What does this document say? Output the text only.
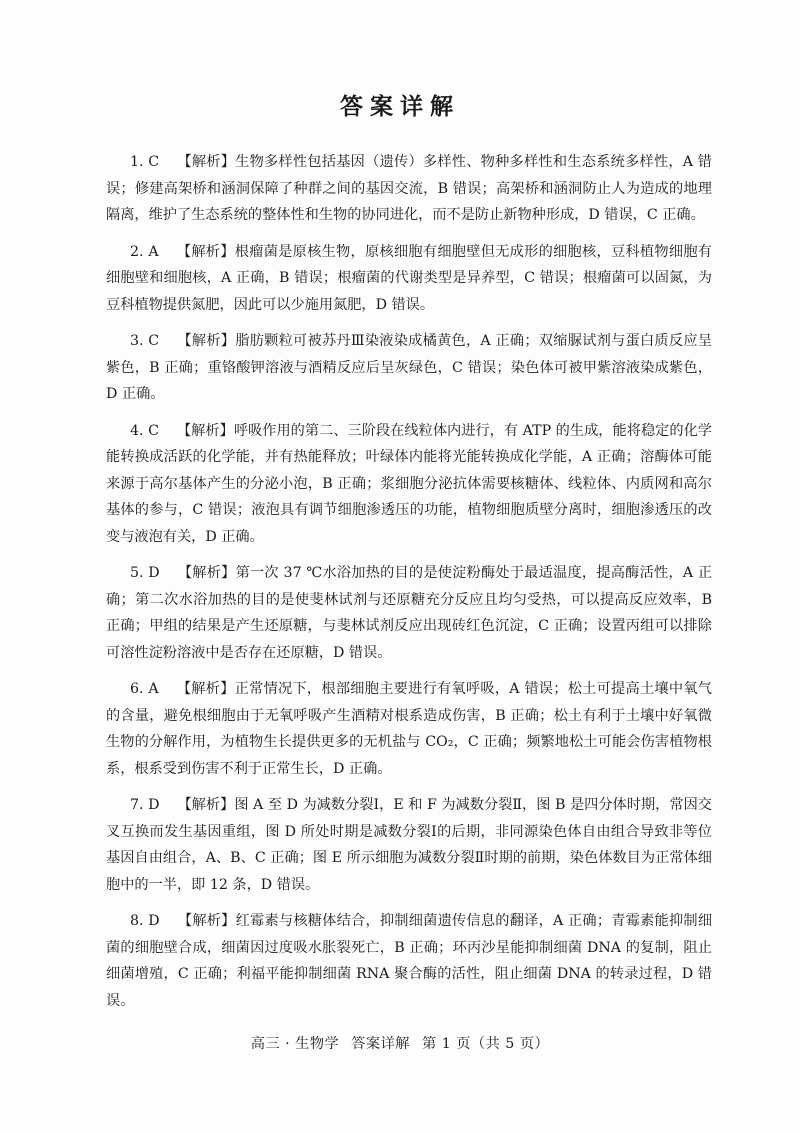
答案详解

1. C 【解析】生物多样性包括基因（遗传）多样性、物种多样性和生态系统多样性，A 错误；修建高架桥和涵洞保障了种群之间的基因交流，B 错误；高架桥和涵洞防止人为造成的地理隔离，维护了生态系统的整体性和生物的协同进化，而不是防止新物种形成，D 错误，C 正确。

2. A 【解析】根瘤菌是原核生物，原核细胞有细胞壁但无成形的细胞核，豆科植物细胞有细胞壁和细胞核，A 正确，B 错误；根瘤菌的代谢类型是异养型，C 错误；根瘤菌可以固氮，为豆科植物提供氮肥，因此可以少施用氮肥，D 错误。

3. C 【解析】脂肪颗粒可被苏丹Ⅲ染液染成橘黄色，A 正确；双缩脲试剂与蛋白质反应呈紫色，B 正确；重铬酸钾溶液与酒精反应后呈灰绿色，C 错误；染色体可被甲紫溶液染成紫色，D 正确。

4. C 【解析】呼吸作用的第二、三阶段在线粒体内进行，有 ATP 的生成，能将稳定的化学能转换成活跃的化学能，并有热能释放；叶绿体内能将光能转换成化学能，A 正确；溶酶体可能来源于高尔基体产生的分泌小泡，B 正确；浆细胞分泌抗体需要核糖体、线粒体、内质网和高尔基体的参与，C 错误；液泡具有调节细胞渗透压的功能，植物细胞质壁分离时，细胞渗透压的改变与液泡有关，D 正确。

5. D 【解析】第一次 37 ℃水浴加热的目的是使淀粉酶处于最适温度，提高酶活性，A 正确；第二次水浴加热的目的是使斐林试剂与还原糖充分反应且均匀受热，可以提高反应效率，B 正确；甲组的结果是产生还原糖，与斐林试剂反应出现砖红色沉淀，C 正确；设置丙组可以排除可溶性淀粉溶液中是否存在还原糖，D 错误。

6. A 【解析】正常情况下，根部细胞主要进行有氧呼吸，A 错误；松土可提高土壤中氧气的含量，避免根细胞由于无氧呼吸产生酒精对根系造成伤害，B 正确；松土有利于土壤中好氧微生物的分解作用，为植物生长提供更多的无机盐与 CO₂，C 正确；频繁地松土可能会伤害植物根系，根系受到伤害不利于正常生长，D 正确。

7. D 【解析】图 A 至 D 为减数分裂Ⅰ，E 和 F 为减数分裂Ⅱ，图 B 是四分体时期，常因交叉互换而发生基因重组，图 D 所处时期是减数分裂Ⅰ的后期，非同源染色体自由组合导致非等位基因自由组合，A、B、C 正确；图 E 所示细胞为减数分裂Ⅱ时期的前期，染色体数目为正常体细胞中的一半，即 12 条，D 错误。

8. D 【解析】红霉素与核糖体结合，抑制细菌遗传信息的翻译，A 正确；青霉素能抑制细菌的细胞壁合成，细菌因过度吸水胀裂死亡，B 正确；环丙沙星能抑制细菌 DNA 的复制，阻止细菌增殖，C 正确；利福平能抑制细菌 RNA 聚合酶的活性，阻止细菌 DNA 的转录过程，D 错误。

高三 · 生物学 答案详解 第 1 页（共 5 页）
